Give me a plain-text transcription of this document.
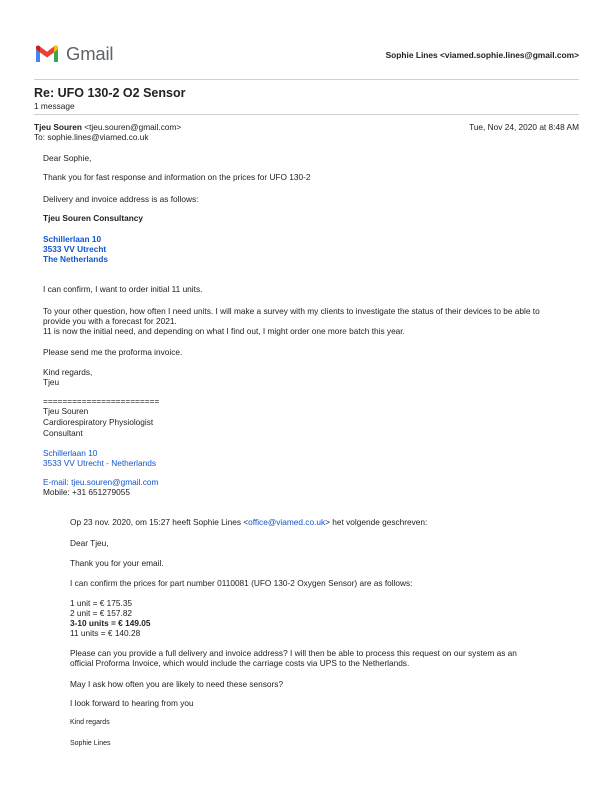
Gmail	Sophie Lines <viamed.sophie.lines@gmail.com>
Re: UFO 130-2 O2 Sensor
1 message
Tjeu Souren <tjeu.souren@gmail.com>	Tue, Nov 24, 2020 at 8:48 AM
To: sophie.lines@viamed.co.uk
Dear Sophie,
Thank you for fast response and information on the prices for UFO 130-2
Delivery and invoice address is as follows:
Tjeu Souren Consultancy
Schillerlaan 10
3533 VV Utrecht
The Netherlands
I can confirm, I want to order initial 11 units.
To your other question, how often I need units. I will make a survey with my clients to investigate the status of their devices to be able to
provide you with a forecast for 2021.
11 is now the initial need, and depending on what I find out, I might order one more batch this year.
Please send me the proforma invoice.
Kind regards,
Tjeu
========================
Tjeu Souren
Cardiorespiratory Physiologist
Consultant
Schillerlaan 10
3533 VV Utrecht - Netherlands
E-mail: tjeu.souren@gmail.com
Mobile: +31 651279055
Op 23 nov. 2020, om 15:27 heeft Sophie Lines <office@viamed.co.uk> het volgende geschreven:
Dear Tjeu,
Thank you for your email.
I can confirm the prices for part number 0110081 (UFO 130-2 Oxygen Sensor) are as follows:
1 unit = € 175.35
2 unit = € 157.82
3-10 units = € 149.05
11 units = € 140.28
Please can you provide a full delivery and invoice address? I will then be able to process this request on our system as an
official Proforma Invoice, which would include the carriage costs via UPS to the Netherlands.
May I ask how often you are likely to need these sensors?
I look forward to hearing from you
Kind regards
Sophie Lines
